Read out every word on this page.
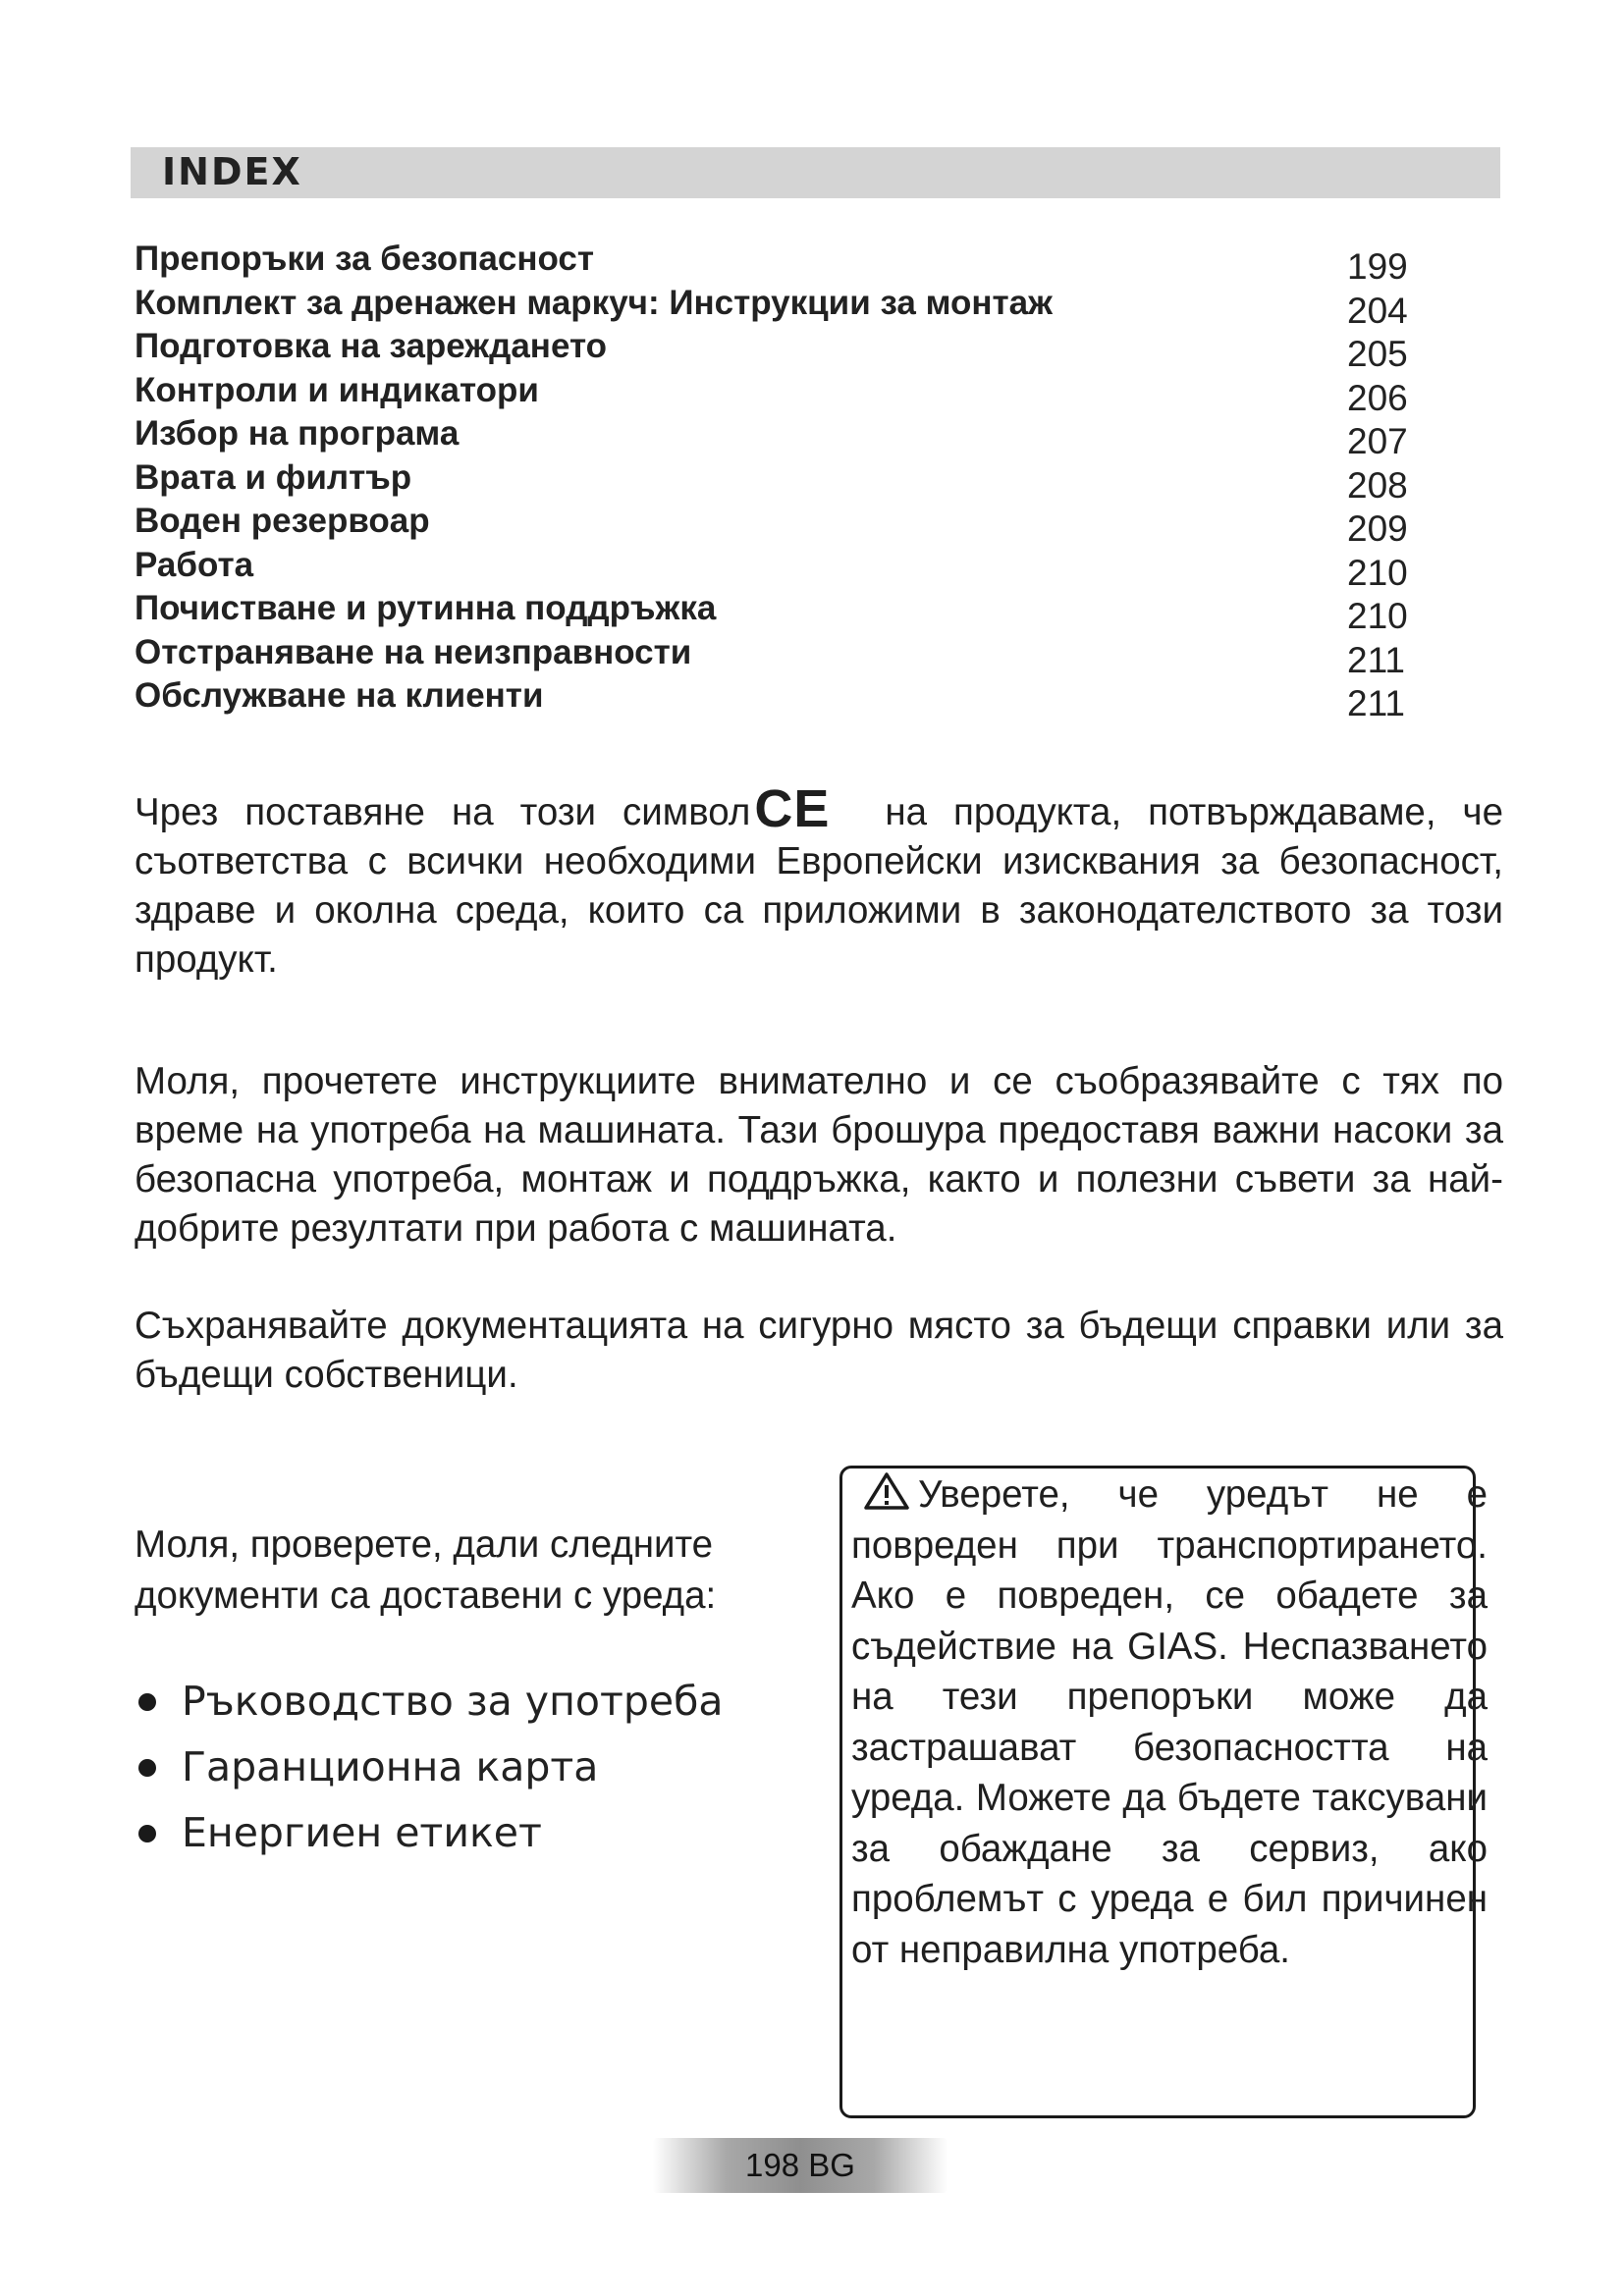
INDEX
Препоръки за безопасност
Комплект за дренажен маркуч: Инструкции за монтаж
Подготовка на зареждането
Контроли и индикатори
Избор на програма
Врата и филтър
Воден резервоар
Работа
Почистване и рутинна поддръжка
Отстраняване на неизправности
Обслужване на клиенти
199
204
205
206
207
208
209
210
210
211
211
Чрез поставяне на този символCE на продукта, потвърждаваме, че съответства с всички необходими Европейски изисквания за безопасност, здраве и околна среда, които са приложими в законодателството за този продукт.
Моля, прочетете инструкциите внимателно и се съобразявайте с тях по време на употреба на машината. Тази брошура предоставя важни насоки за безопасна употреба, монтаж и поддръжка, както и полезни съвети за най-добрите резултати при работа с машината.
Съхранявайте документацията на сигурно място за бъдещи справки или за бъдещи собственици.
Моля, проверете, дали следните документи са доставени с уреда:
Ръководство за употреба
Гаранционна карта
Енергиен етикет
Уверете, че уредът не е повреден при транспортирането. Ако е повреден, се обадете за съдействие на GIAS. Неспазването на тези препоръки може да застрашават безопасността на уреда. Можете да бъдете таксувани за обаждане за сервиз, ако проблемът с уреда е бил причинен от неправилна употреба.
198 BG
